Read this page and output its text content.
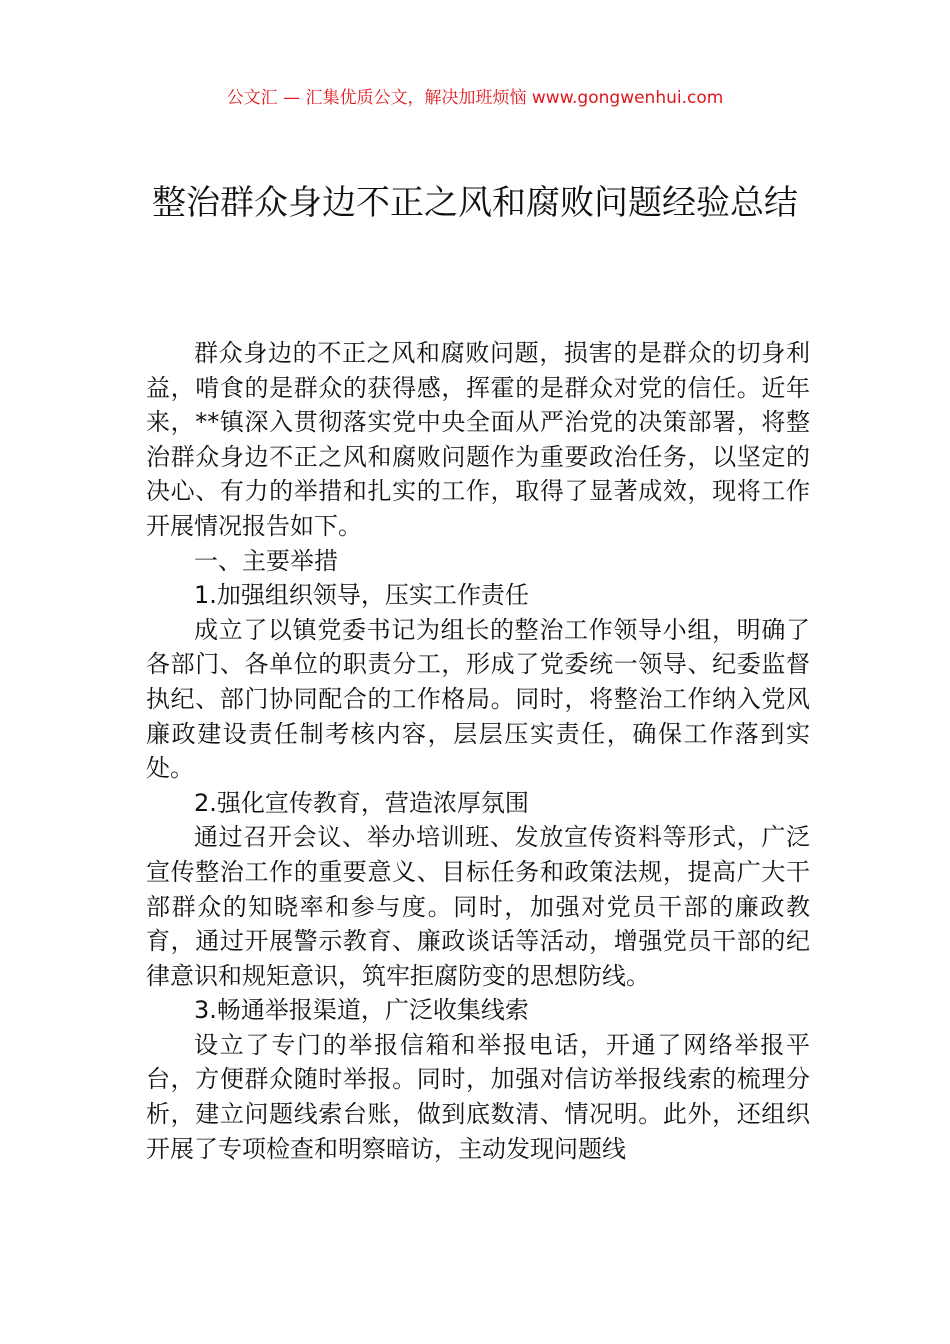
公文汇 — 汇集优质公文，解决加班烦恼 www.gongwenhui.com
整治群众身边不正之风和腐败问题经验总结

群众身边的不正之风和腐败问题，损害的是群众的切身利益，啃食的是群众的获得感，挥霍的是群众对党的信任。近年来，**镇深入贯彻落实党中央全面从严治党的决策部署，将整治群众身边不正之风和腐败问题作为重要政治任务，以坚定的决心、有力的举措和扎实的工作，取得了显著成效，现将工作开展情况报告如下。

一、主要举措

1.加强组织领导，压实工作责任

成立了以镇党委书记为组长的整治工作领导小组，明确了各部门、各单位的职责分工，形成了党委统一领导、纪委监督执纪、部门协同配合的工作格局。同时，将整治工作纳入党风廉政建设责任制考核内容，层层压实责任，确保工作落到实处。

2.强化宣传教育，营造浓厚氛围

通过召开会议、举办培训班、发放宣传资料等形式，广泛宣传整治工作的重要意义、目标任务和政策法规，提高广大干部群众的知晓率和参与度。同时，加强对党员干部的廉政教育，通过开展警示教育、廉政谈话等活动，增强党员干部的纪律意识和规矩意识，筑牢拒腐防变的思想防线。

3.畅通举报渠道，广泛收集线索

设立了专门的举报信箱和举报电话，开通了网络举报平台，方便群众随时举报。同时，加强对信访举报线索的梳理分析，建立问题线索台账，做到底数清、情况明。此外，还组织开展了专项检查和明察暗访，主动发现问题线
